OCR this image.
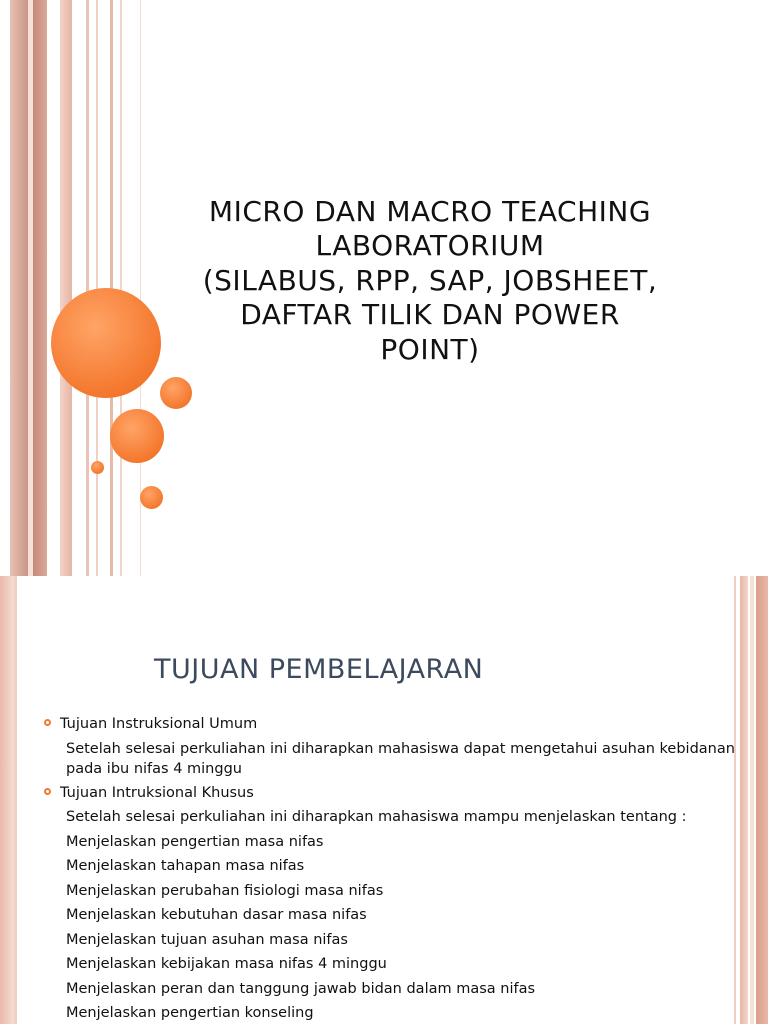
MICRO DAN MACRO TEACHING
LABORATORIUM
(SILABUS, RPP, SAP, JOBSHEET,
DAFTAR TILIK DAN POWER
POINT)
TUJUAN PEMBELAJARAN
Tujuan Instruksional Umum
Setelah selesai perkuliahan ini diharapkan mahasiswa dapat mengetahui asuhan kebidanan pada ibu nifas 4 minggu
Tujuan Intruksional Khusus
Setelah selesai perkuliahan ini diharapkan mahasiswa mampu menjelaskan tentang :
Menjelaskan pengertian masa nifas
Menjelaskan tahapan masa nifas
Menjelaskan perubahan fisiologi masa nifas
Menjelaskan kebutuhan dasar masa nifas
Menjelaskan tujuan asuhan masa nifas
Menjelaskan kebijakan masa nifas 4 minggu
Menjelaskan peran dan tanggung jawab bidan dalam masa nifas
Menjelaskan pengertian konseling
